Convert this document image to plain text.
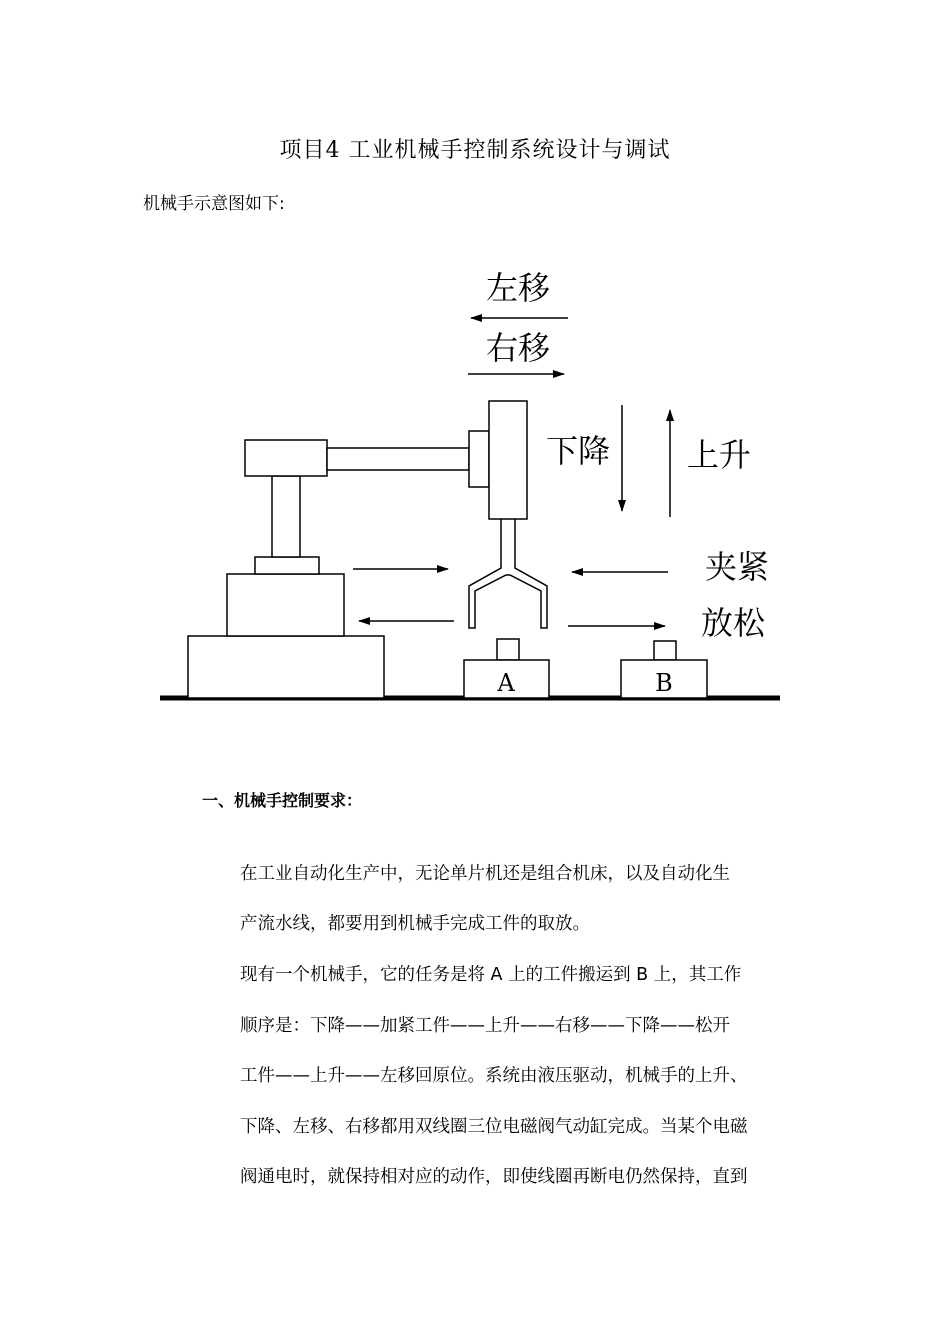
项目4 工业机械手控制系统设计与调试
机械手示意图如下:
A	B
左移
右移
下降 上升
夹紧
放松
一、机械手控制要求：
在工业自动化生产中，无论单片机还是组合机床，以及自动化生
产流水线，都要用到机械手完成工件的取放。
现有一个机械手，它的任务是将 A 上的工件搬运到 B 上，其工作
顺序是：下降——加紧工件——上升——右移——下降——松开
工件——上升——左移回原位。系统由液压驱动，机械手的上升、
下降、左移、右移都用双线圈三位电磁阀气动缸完成。当某个电磁
阀通电时，就保持相对应的动作，即使线圈再断电仍然保持，直到
